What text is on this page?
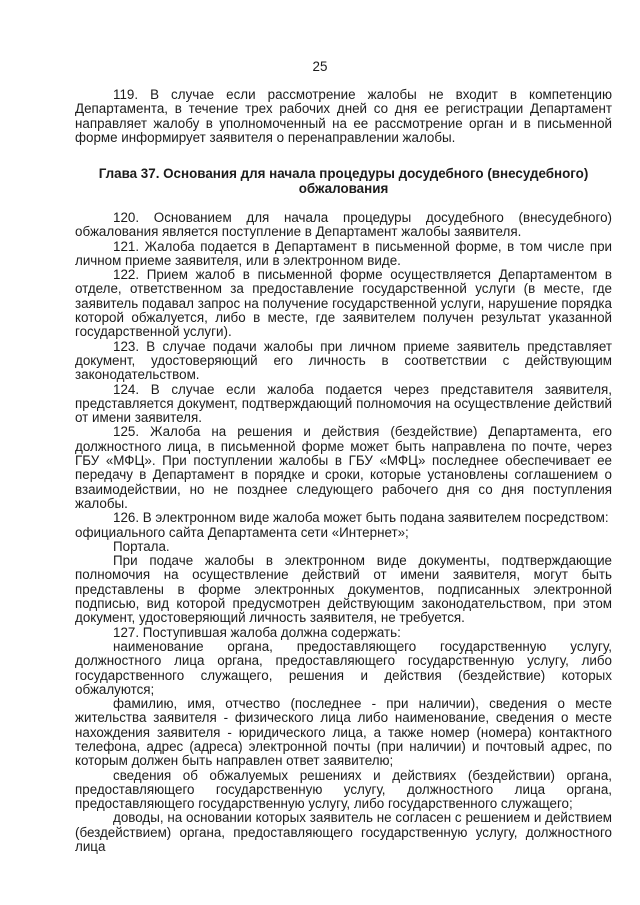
25

119. В случае если рассмотрение жалобы не входит в компетенцию Департамента, в течение трех рабочих дней со дня ее регистрации Департамент направляет жалобу в уполномоченный на ее рассмотрение орган и в письменной форме информирует заявителя о перенаправлении жалобы.

Глава 37. Основания для начала процедуры досудебного (внесудебного) обжалования

120. Основанием для начала процедуры досудебного (внесудебного) обжалования является поступление в Департамент жалобы заявителя.

121. Жалоба подается в Департамент в письменной форме, в том числе при личном приеме заявителя, или в электронном виде.

122. Прием жалоб в письменной форме осуществляется Департаментом в отделе, ответственном за предоставление государственной услуги (в месте, где заявитель подавал запрос на получение государственной услуги, нарушение порядка которой обжалуется, либо в месте, где заявителем получен результат указанной государственной услуги).

123. В случае подачи жалобы при личном приеме заявитель представляет документ, удостоверяющий его личность в соответствии с действующим законодательством.

124. В случае если жалоба подается через представителя заявителя, представляется документ, подтверждающий полномочия на осуществление действий от имени заявителя.

125. Жалоба на решения и действия (бездействие) Департамента, его должностного лица, в письменной форме может быть направлена по почте, через ГБУ «МФЦ». При поступлении жалобы в ГБУ «МФЦ» последнее обеспечивает ее передачу в Департамент в порядке и сроки, которые установлены соглашением о взаимодействии, но не позднее следующего рабочего дня со дня поступления жалобы.

126. В электронном виде жалоба может быть подана заявителем посредством:

официального сайта Департамента сети «Интернет»;

Портала.

При подаче жалобы в электронном виде документы, подтверждающие полномочия на осуществление действий от имени заявителя, могут быть представлены в форме электронных документов, подписанных электронной подписью, вид которой предусмотрен действующим законодательством, при этом документ, удостоверяющий личность заявителя, не требуется.

127. Поступившая жалоба должна содержать:

наименование органа, предоставляющего государственную услугу, должностного лица органа, предоставляющего государственную услугу, либо государственного служащего, решения и действия (бездействие) которых обжалуются;

фамилию, имя, отчество (последнее - при наличии), сведения о месте жительства заявителя - физического лица либо наименование, сведения о месте нахождения заявителя - юридического лица, а также номер (номера) контактного телефона, адрес (адреса) электронной почты (при наличии) и почтовый адрес, по которым должен быть направлен ответ заявителю;

сведения об обжалуемых решениях и действиях (бездействии) органа, предоставляющего государственную услугу, должностного лица органа, предоставляющего государственную услугу, либо государственного служащего;

доводы, на основании которых заявитель не согласен с решением и действием (бездействием) органа, предоставляющего государственную услугу, должностного лица
